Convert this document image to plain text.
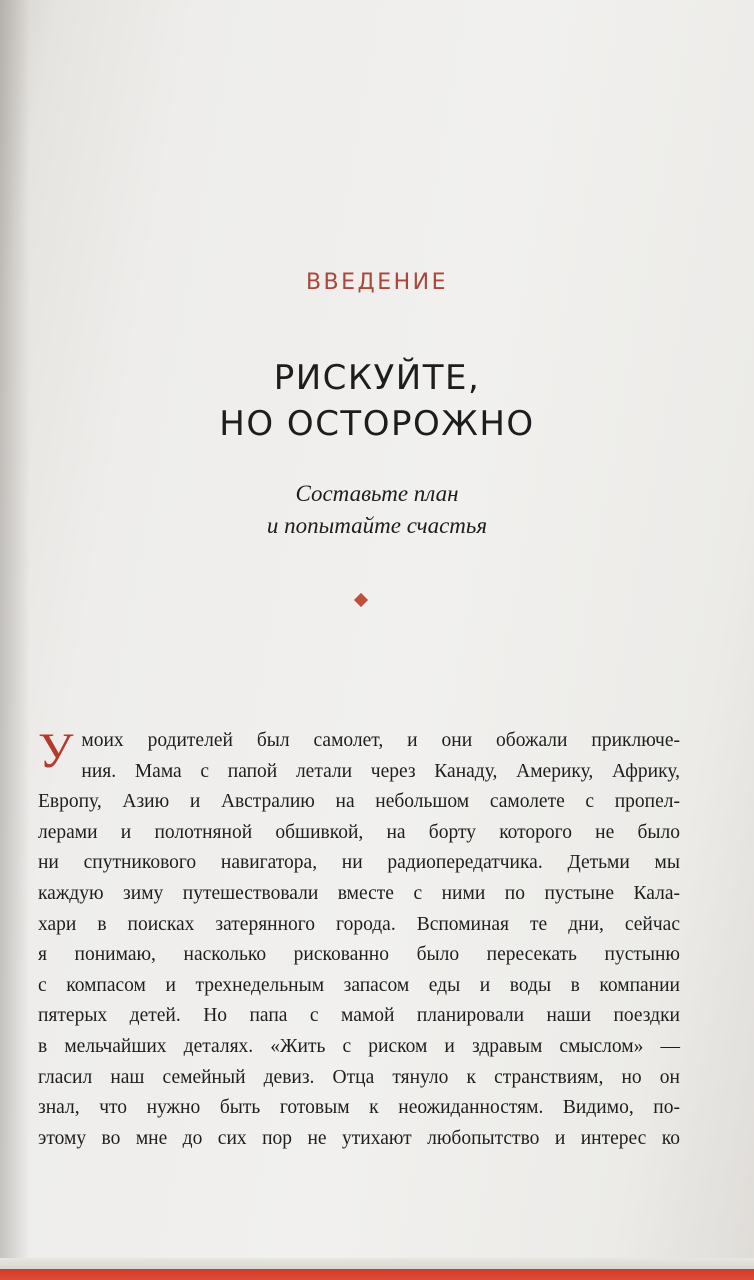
ВВЕДЕНИЕ
РИСКУЙТЕ,
НО ОСТОРОЖНО
Составьте план
и попытайте счастья
У моих родителей был самолет, и они обожали приключе-
ния. Мама с папой летали через Канаду, Америку, Африку,
Европу, Азию и Австралию на небольшом самолете с пропел-
лерами и полотняной обшивкой, на борту которого не было
ни спутникового навигатора, ни радиопередатчика. Детьми мы
каждую зиму путешествовали вместе с ними по пустыне Кала-
хари в поисках затерянного города. Вспоминая те дни, сейчас
я понимаю, насколько рискованно было пересекать пустыню
с компасом и трехнедельным запасом еды и воды в компании
пятерых детей. Но папа с мамой планировали наши поездки
в мельчайших деталях. «Жить с риском и здравым смыслом» —
гласил наш семейный девиз. Отца тянуло к странствиям, но он
знал, что нужно быть готовым к неожиданностям. Видимо, по-
этому во мне до сих пор не утихают любопытство и интерес ко
